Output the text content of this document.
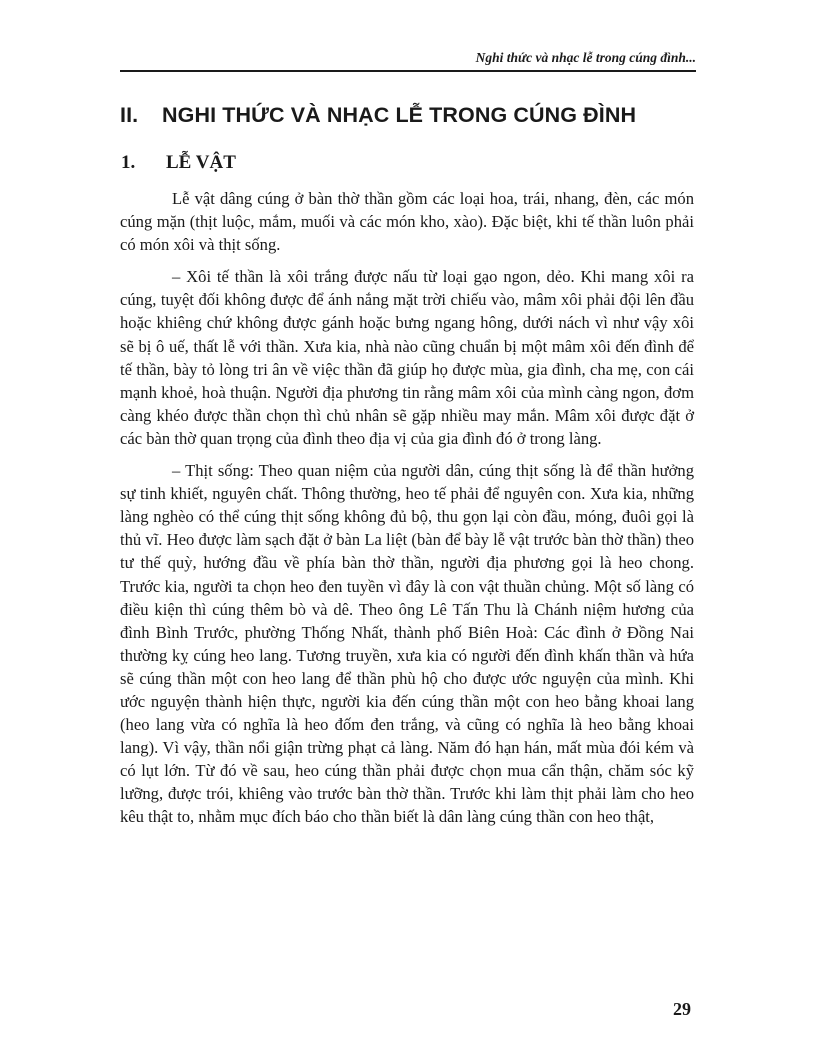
Nghi thức và nhạc lễ trong cúng đình...
II. NGHI THỨC VÀ NHẠC LỄ TRONG CÚNG ĐÌNH
1. LỄ VẬT

Lễ vật dâng cúng ở bàn thờ thần gồm các loại hoa, trái, nhang, đèn, các món cúng mặn (thịt luộc, mắm, muối và các món kho, xào). Đặc biệt, khi tế thần luôn phải có món xôi và thịt sống.

– Xôi tế thần là xôi trắng được nấu từ loại gạo ngon, dẻo. Khi mang xôi ra cúng, tuyệt đối không được để ánh nắng mặt trời chiếu vào, mâm xôi phải đội lên đầu hoặc khiêng chứ không được gánh hoặc bưng ngang hông, dưới nách vì như vậy xôi sẽ bị ô uế, thất lễ với thần. Xưa kia, nhà nào cũng chuẩn bị một mâm xôi đến đình để tế thần, bày tỏ lòng tri ân về việc thần đã giúp họ được mùa, gia đình, cha mẹ, con cái mạnh khoẻ, hoà thuận. Người địa phương tin rằng mâm xôi của mình càng ngon, đơm càng khéo được thần chọn thì chủ nhân sẽ gặp nhiều may mắn. Mâm xôi được đặt ở các bàn thờ quan trọng của đình theo địa vị của gia đình đó ở trong làng.

– Thịt sống: Theo quan niệm của người dân, cúng thịt sống là để thần hưởng sự tinh khiết, nguyên chất. Thông thường, heo tế phải để nguyên con. Xưa kia, những làng nghèo có thể cúng thịt sống không đủ bộ, thu gọn lại còn đầu, móng, đuôi gọi là thủ vĩ. Heo được làm sạch đặt ở bàn La liệt (bàn để bày lễ vật trước bàn thờ thần) theo tư thế quỳ, hướng đầu về phía bàn thờ thần, người địa phương gọi là heo chong. Trước kia, người ta chọn heo đen tuyền vì đây là con vật thuần chủng. Một số làng có điều kiện thì cúng thêm bò và dê. Theo ông Lê Tấn Thu là Chánh niệm hương của đình Bình Trước, phường Thống Nhất, thành phố Biên Hoà: Các đình ở Đồng Nai thường kỵ cúng heo lang. Tương truyền, xưa kia có người đến đình khấn thần và hứa sẽ cúng thần một con heo lang để thần phù hộ cho được ước nguyện của mình. Khi ước nguyện thành hiện thực, người kia đến cúng thần một con heo bằng khoai lang (heo lang vừa có nghĩa là heo đốm đen trắng, và cũng có nghĩa là heo bằng khoai lang). Vì vậy, thần nổi giận trừng phạt cả làng. Năm đó hạn hán, mất mùa đói kém và có lụt lớn. Từ đó về sau, heo cúng thần phải được chọn mua cẩn thận, chăm sóc kỹ lưỡng, được trói, khiêng vào trước bàn thờ thần. Trước khi làm thịt phải làm cho heo kêu thật to, nhằm mục đích báo cho thần biết là dân làng cúng thần con heo thật,

29
